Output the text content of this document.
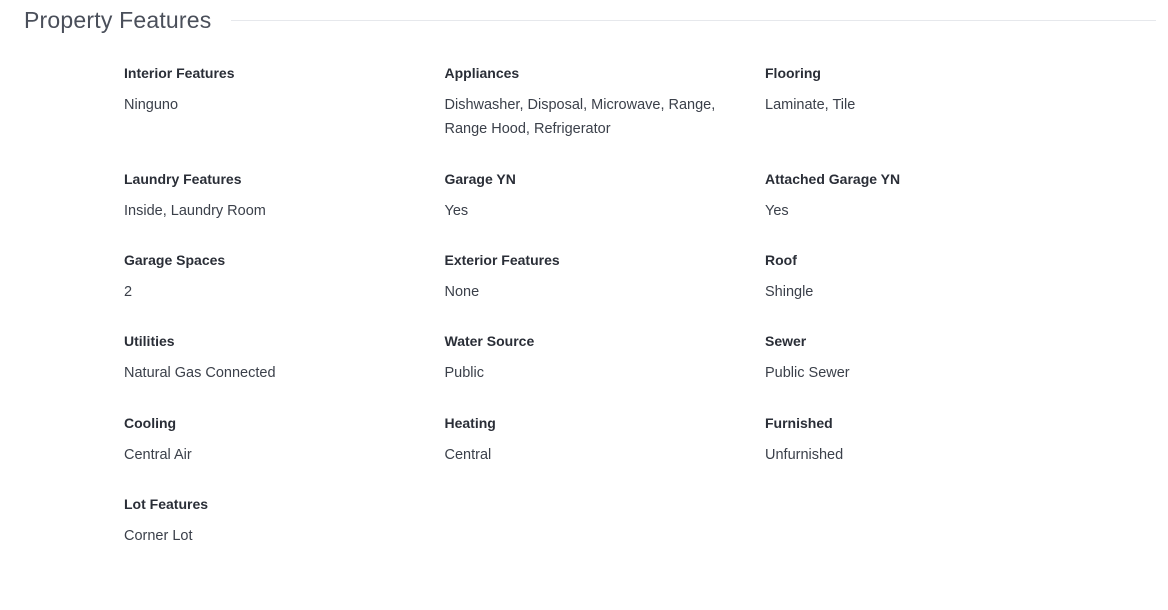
Property Features
Interior Features
Ninguno
Appliances
Dishwasher, Disposal, Microwave, Range, Range Hood, Refrigerator
Flooring
Laminate, Tile
Laundry Features
Inside, Laundry Room
Garage YN
Yes
Attached Garage YN
Yes
Garage Spaces
2
Exterior Features
None
Roof
Shingle
Utilities
Natural Gas Connected
Water Source
Public
Sewer
Public Sewer
Cooling
Central Air
Heating
Central
Furnished
Unfurnished
Lot Features
Corner Lot
